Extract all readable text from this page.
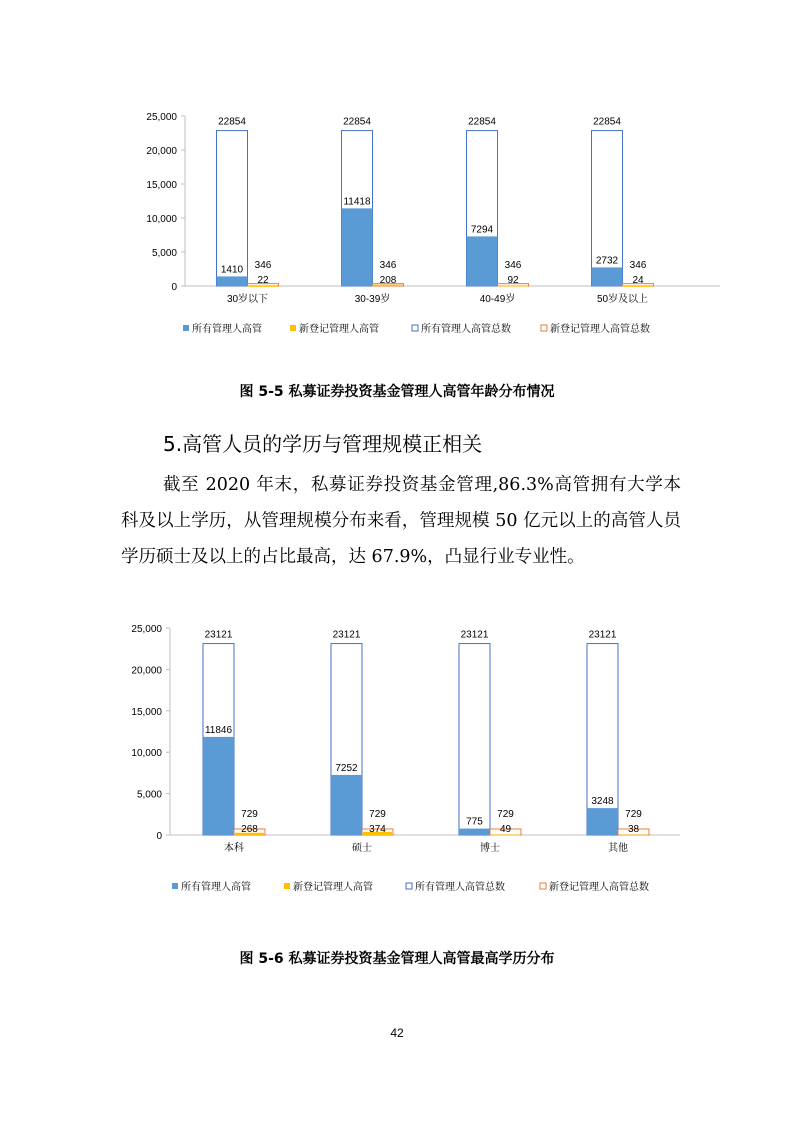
0
5,000
10,000
15,000
20,000
25,000	22854
1410 346
22
30岁以下
22854
11418
346
208
30-39岁
22854
7294
346
92
40-49岁
22854
2732 346
24
50岁及以上
所有管理人高管	新登记管理人高管	所有管理人高管总数	新登记管理人高管总数
图 5-5 私募证券投资基金管理人高管年龄分布情况
5.高管人员的学历与管理规模正相关
截至 2020 年末，私募证券投资基金管理,86.3%高管拥有大学本科及以上学历，从管理规模分布来看，管理规模 50 亿元以上的高管人员学历硕士及以上的占比最高，达 67.9%，凸显行业专业性。
0
5,000
10,000
15,000
20,000
25,000
23121
11846
729
268
本科
23121
7252
729
374
硕士
23121
775
729
49
博士
23121
3248
729
38
其他
所有管理人高管	新登记管理人高管	所有管理人高管总数	新登记管理人高管总数
图 5-6 私募证券投资基金管理人高管最高学历分布
42
